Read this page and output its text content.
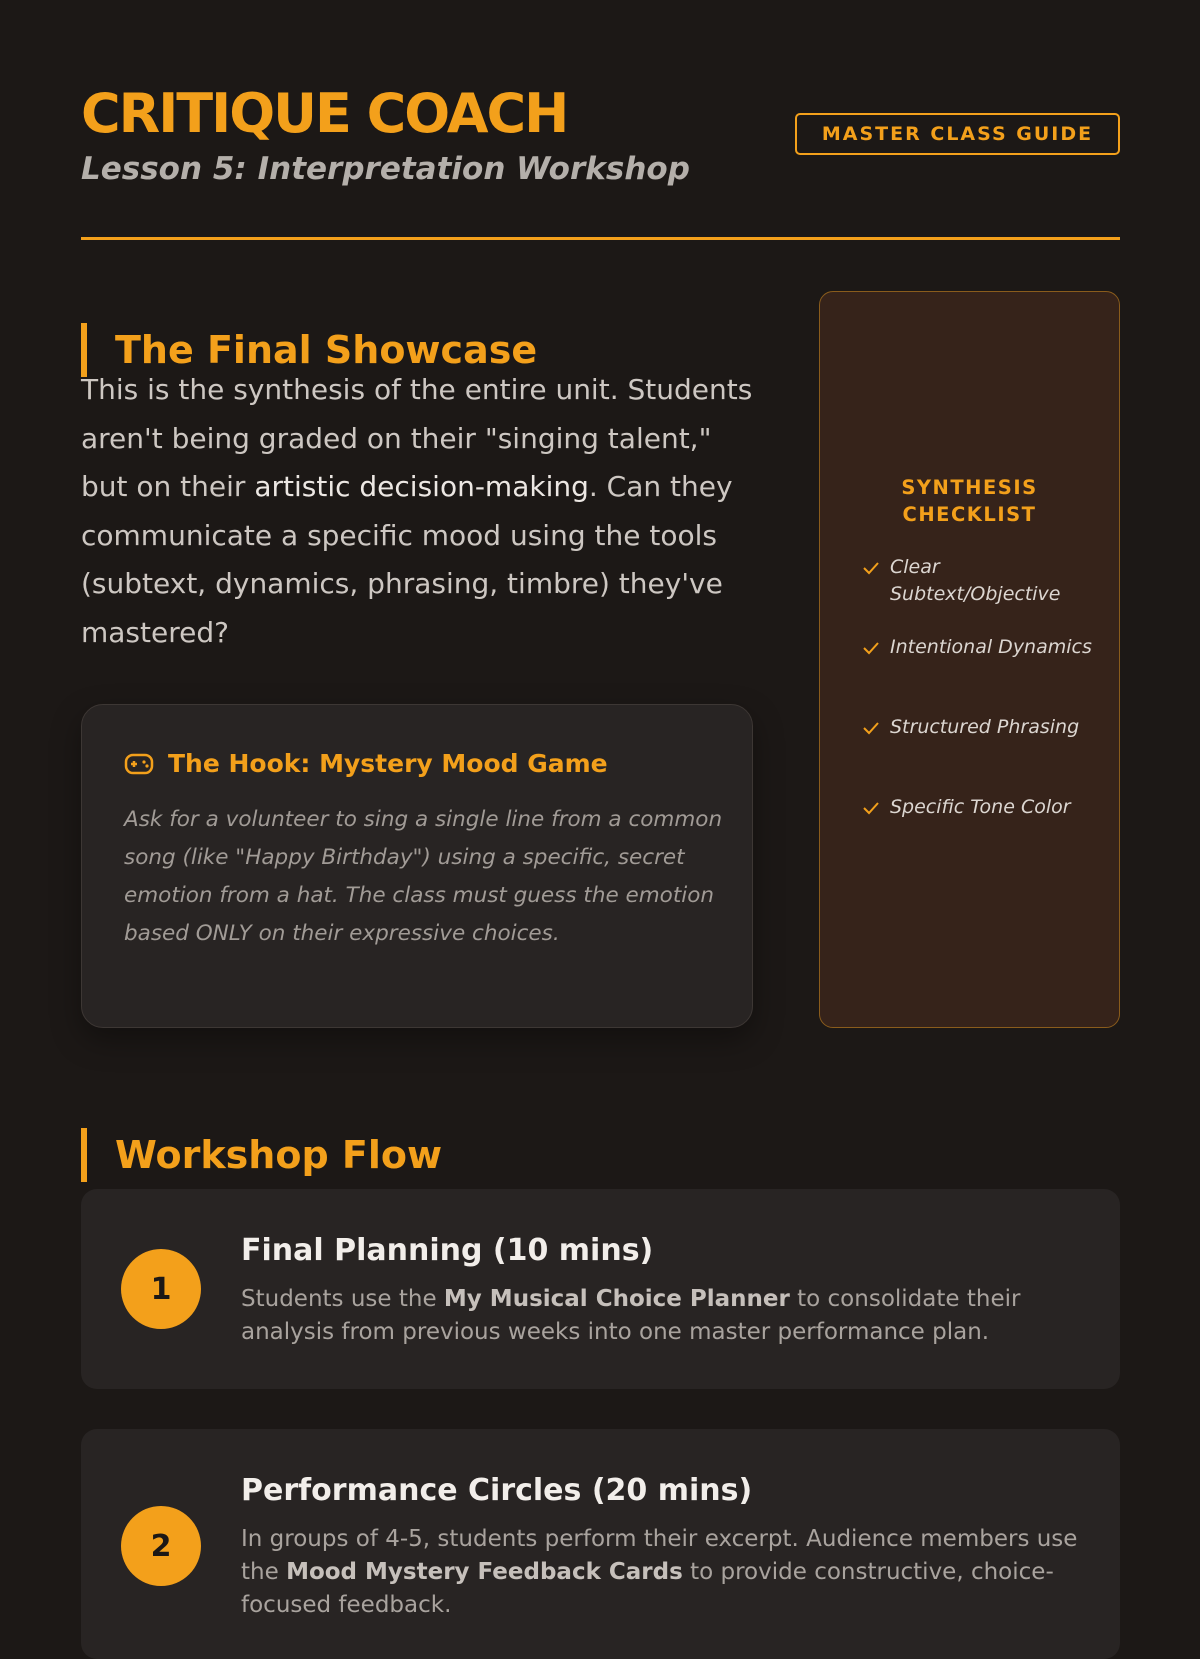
CRITIQUE COACH
Lesson 5: Interpretation Workshop
MASTER CLASS GUIDE
The Final Showcase

This is the synthesis of the entire unit. Students aren't being graded on their "singing talent," but on their artistic decision-making. Can they communicate a specific mood using the tools (subtext, dynamics, phrasing, timbre) they've mastered?

The Hook: Mystery Mood Game
Ask for a volunteer to sing a single line from a common song (like "Happy Birthday") using a specific, secret emotion from a hat. The class must guess the emotion based ONLY on their expressive choices.
SYNTHESIS CHECKLIST
Clear Subtext/Objective
Intentional Dynamics
Structured Phrasing
Specific Tone Color
Workshop Flow
1
Final Planning (10 mins)
Students use the My Musical Choice Planner to consolidate their analysis from previous weeks into one master performance plan.
2
Performance Circles (20 mins)
In groups of 4-5, students perform their excerpt. Audience members use the Mood Mystery Feedback Cards to provide constructive, choice-focused feedback.
